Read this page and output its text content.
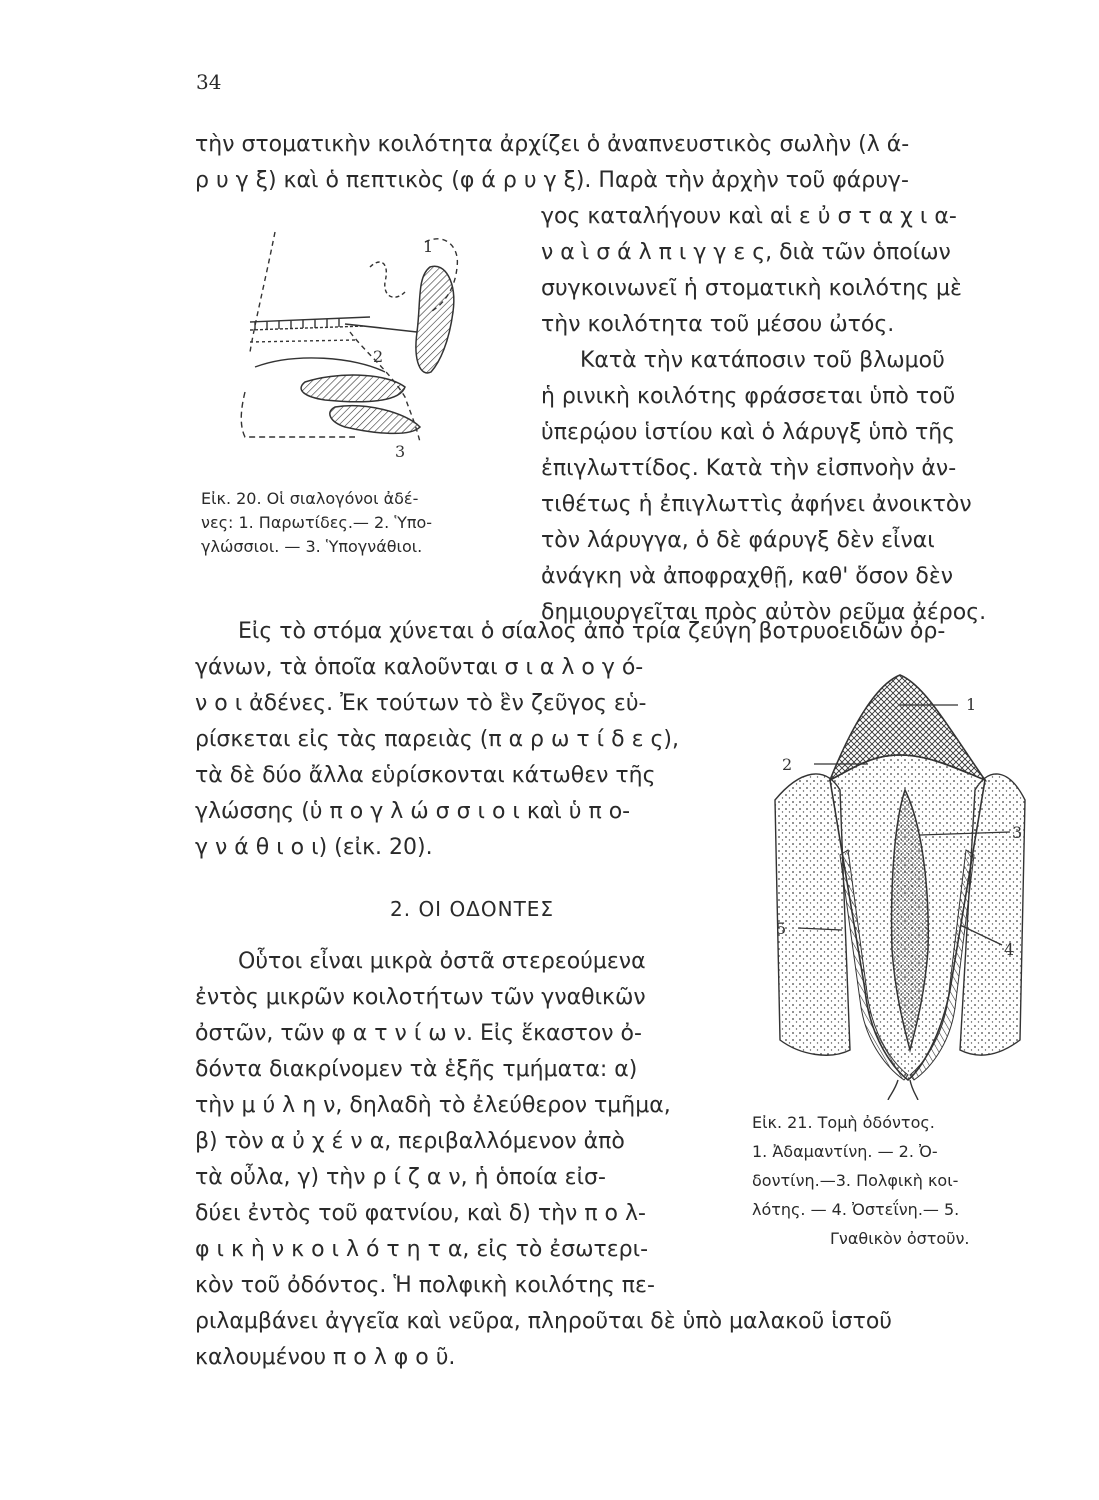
34
τὴν στοματικὴν κοιλότητα ἀρχίζει ὁ ἀναπνευστικὸς σωλὴν (λ ά-
ρ υ γ ξ) καὶ ὁ πεπτικὸς (φ ά ρ υ γ ξ). Παρὰ τὴν ἀρχὴν τοῦ φάρυγ-
γος καταλήγουν καὶ αἱ ε ὐ σ τ α χ ι α-
ν α ὶ σ ά λ π ι γ γ ε ς, διὰ τῶν ὁποίων
συγκοινωνεῖ ἡ στοματικὴ κοιλότης μὲ
τὴν κοιλότητα τοῦ μέσου ὠτός.
Κατὰ τὴν κατάποσιν τοῦ βλωμοῦ
ἡ ρινικὴ κοιλότης φράσσεται ὑπὸ τοῦ
ὑπερῴου ἱστίου καὶ ὁ λάρυγξ ὑπὸ τῆς
ἐπιγλωττίδος. Κατὰ τὴν εἰσπνοὴν ἀν-
τιθέτως ἡ ἐπιγλωττὶς ἀφήνει ἀνοικτὸν
τὸν λάρυγγα, ὁ δὲ φάρυγξ δὲν εἶναι
ἀνάγκη νὰ ἀποφραχθῇ, καθ' ὅσον δὲν
δημιουργεῖται πρὸς αὐτὸν ρεῦμα ἀέρος.
1
2
3
Εἰκ. 20. Οἱ σιαλογόνοι ἀδέ-
νες: 1. Παρωτίδες.— 2. Ὑπο-
γλώσσιοι. — 3. Ὑπογνάθιοι.
Εἰς τὸ στόμα χύνεται ὁ σίαλος ἀπὸ τρία ζεύγη βοτρυοειδῶν ὀρ-
γάνων, τὰ ὁποῖα καλοῦνται σ ι α λ ο γ ό-
ν ο ι ἀδένες. Ἐκ τούτων τὸ ἓν ζεῦγος εὑ-
ρίσκεται εἰς τὰς παρειὰς (π α ρ ω τ ί δ ε ς),
τὰ δὲ δύο ἄλλα εὑρίσκονται κάτωθεν τῆς
γλώσσης (ὑ π ο γ λ ώ σ σ ι ο ι καὶ ὑ π ο-
γ ν ά θ ι ο ι) (εἰκ. 20).
2. ΟΙ ΟΔΟΝΤΕΣ
Οὗτοι εἶναι μικρὰ ὀστᾶ στερεούμενα
ἐντὸς μικρῶν κοιλοτήτων τῶν γναθικῶν
ὀστῶν, τῶν φ α τ ν ί ω ν. Εἰς ἕκαστον ὀ-
δόντα διακρίνομεν τὰ ἑξῆς τμήματα: α)
τὴν μ ύ λ η ν, δηλαδὴ τὸ ἐλεύθερον τμῆμα,
β) τὸν α ὐ χ έ ν α, περιβαλλόμενον ἀπὸ
τὰ οὖλα, γ) τὴν ρ ί ζ α ν, ἡ ὁποία εἰσ-
δύει ἐντὸς τοῦ φατνίου, καὶ δ) τὴν π ο λ-
φ ι κ ὴ ν κ ο ι λ ό τ η τ α, εἰς τὸ ἐσωτερι-
κὸν τοῦ ὀδόντος. Ἡ πολφικὴ κοιλότης πε-
ριλαμβάνει ἀγγεῖα καὶ νεῦρα, πληροῦται δὲ ὑπὸ μαλακοῦ ἱστοῦ
καλουμένου π ο λ φ ο ῦ.
1
2
3
4
5
Εἰκ. 21. Τομὴ ὀδόντος.
1. Ἀδαμαντίνη. — 2. Ὀ-
δοντίνη.—3. Πολφικὴ κοι-
λότης. — 4. Ὀστεΐνη.— 5.
Γναθικὸν ὀστοῦν.
